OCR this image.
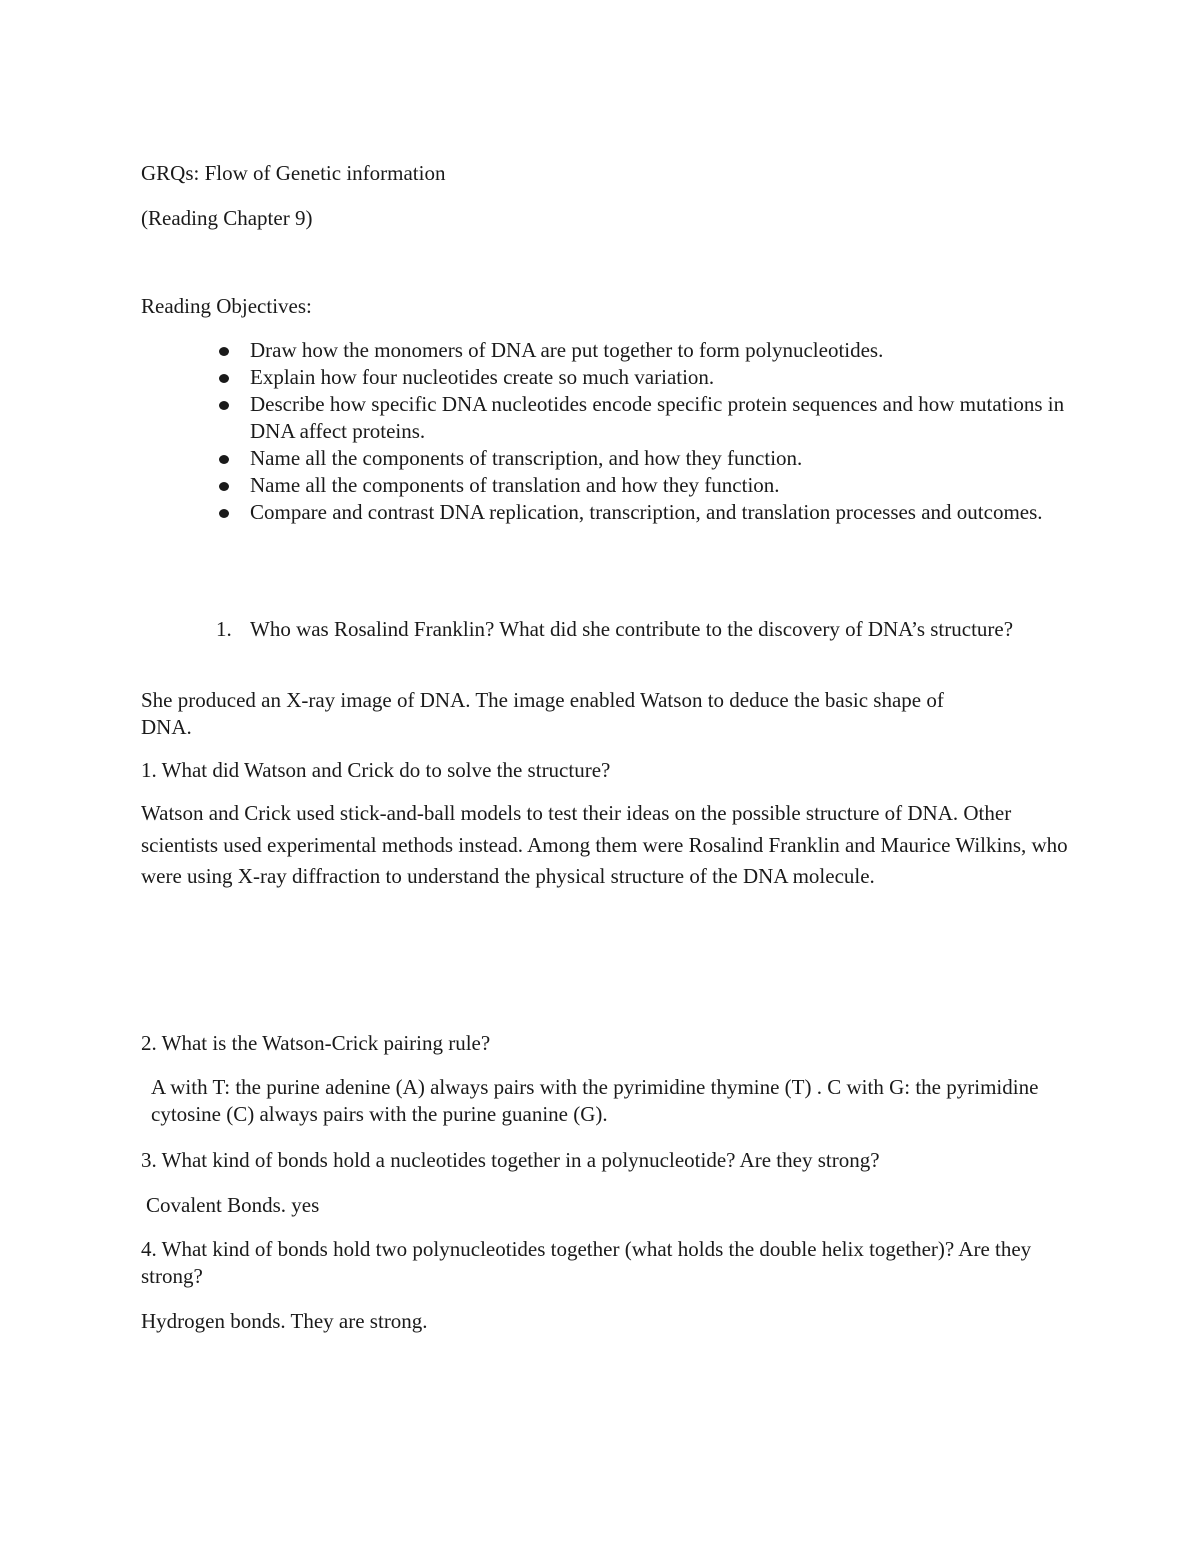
GRQs: Flow of Genetic information
(Reading Chapter 9)
Reading Objectives:
Draw how the monomers of DNA are put together to form polynucleotides.
Explain how four nucleotides create so much variation.
Describe how specific DNA nucleotides encode specific protein sequences and how mutations in DNA affect proteins.
Name all the components of transcription, and how they function.
Name all the components of translation and how they function.
Compare and contrast DNA replication, transcription, and translation processes and outcomes.
1. Who was Rosalind Franklin? What did she contribute to the discovery of DNA’s structure?
She produced an X-ray image of DNA. The image enabled Watson to deduce the basic shape of DNA.
1. What did Watson and Crick do to solve the structure?
Watson and Crick used stick-and-ball models to test their ideas on the possible structure of DNA. Other scientists used experimental methods instead. Among them were Rosalind Franklin and Maurice Wilkins, who were using X-ray diffraction to understand the physical structure of the DNA molecule.
2. What is the Watson-Crick pairing rule?
A with T: the purine adenine (A) always pairs with the pyrimidine thymine (T) . C with G: the pyrimidine cytosine (C) always pairs with the purine guanine (G).
3. What kind of bonds hold a nucleotides together in a polynucleotide? Are they strong?
Covalent Bonds. yes
4. What kind of bonds hold two polynucleotides together (what holds the double helix together)? Are they strong?
Hydrogen bonds. They are strong.
